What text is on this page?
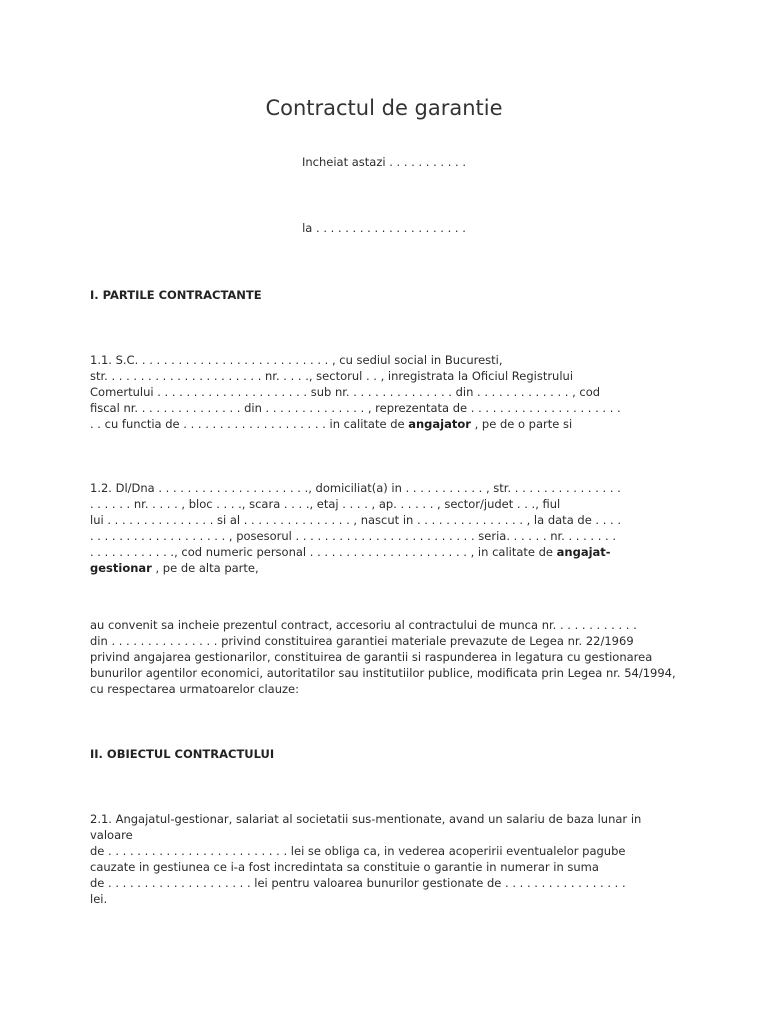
Contractul de garantie
Incheiat astazi . . . . . . . . . . .
la . . . . . . . . . . . . . . . . . . . . .
I. PARTILE CONTRACTANTE
1.1. S.C. . . . . . . . . . . . . . . . . . . . . . . . . . . , cu sediul social in Bucuresti,
str. . . . . . . . . . . . . . . . . . . . . . nr. . . . ., sectorul . . , inregistrata la Oficiul Registrului
Comertului . . . . . . . . . . . . . . . . . . . . . sub nr. . . . . . . . . . . . . . . din . . . . . . . . . . . . . , cod
fiscal nr. . . . . . . . . . . . . . . din . . . . . . . . . . . . . . , reprezentata de . . . . . . . . . . . . . . . . . . . . .
. . cu functia de . . . . . . . . . . . . . . . . . . . . in calitate de angajator , pe de o parte si
1.2. Dl/Dna . . . . . . . . . . . . . . . . . . . . ., domiciliat(a) in . . . . . . . . . . . , str. . . . . . . . . . . . . . . .
. . . . . . nr. . . . . , bloc . . . ., scara . . . ., etaj . . . . , ap. . . . . . , sector/judet . . ., fiul
lui . . . . . . . . . . . . . . . si al . . . . . . . . . . . . . . . , nascut in . . . . . . . . . . . . . . . , la data de . . . .
. . . . . . . . . . . . . . . . . . . , posesorul . . . . . . . . . . . . . . . . . . . . . . . . . seria. . . . . . nr. . . . . . . .
. . . . . . . . . . . ., cod numeric personal . . . . . . . . . . . . . . . . . . . . . . , in calitate de angajat-
gestionar , pe de alta parte,
au convenit sa incheie prezentul contract, accesoriu al contractului de munca nr. . . . . . . . . . . .
din . . . . . . . . . . . . . . . privind constituirea garantiei materiale prevazute de Legea nr. 22/1969
privind angajarea gestionarilor, constituirea de garantii si raspunderea in legatura cu gestionarea
bunurilor agentilor economici, autoritatilor sau institutiilor publice, modificata prin Legea nr. 54/1994,
cu respectarea urmatoarelor clauze:
II. OBIECTUL CONTRACTULUI
2.1. Angajatul-gestionar, salariat al societatii sus-mentionate, avand un salariu de baza lunar in valoare
de . . . . . . . . . . . . . . . . . . . . . . . . . lei se obliga ca, in vederea acoperirii eventualelor pagube
cauzate in gestiunea ce i-a fost incredintata sa constituie o garantie in numerar in suma
de . . . . . . . . . . . . . . . . . . . . lei pentru valoarea bunurilor gestionate de . . . . . . . . . . . . . . . . .
lei.
